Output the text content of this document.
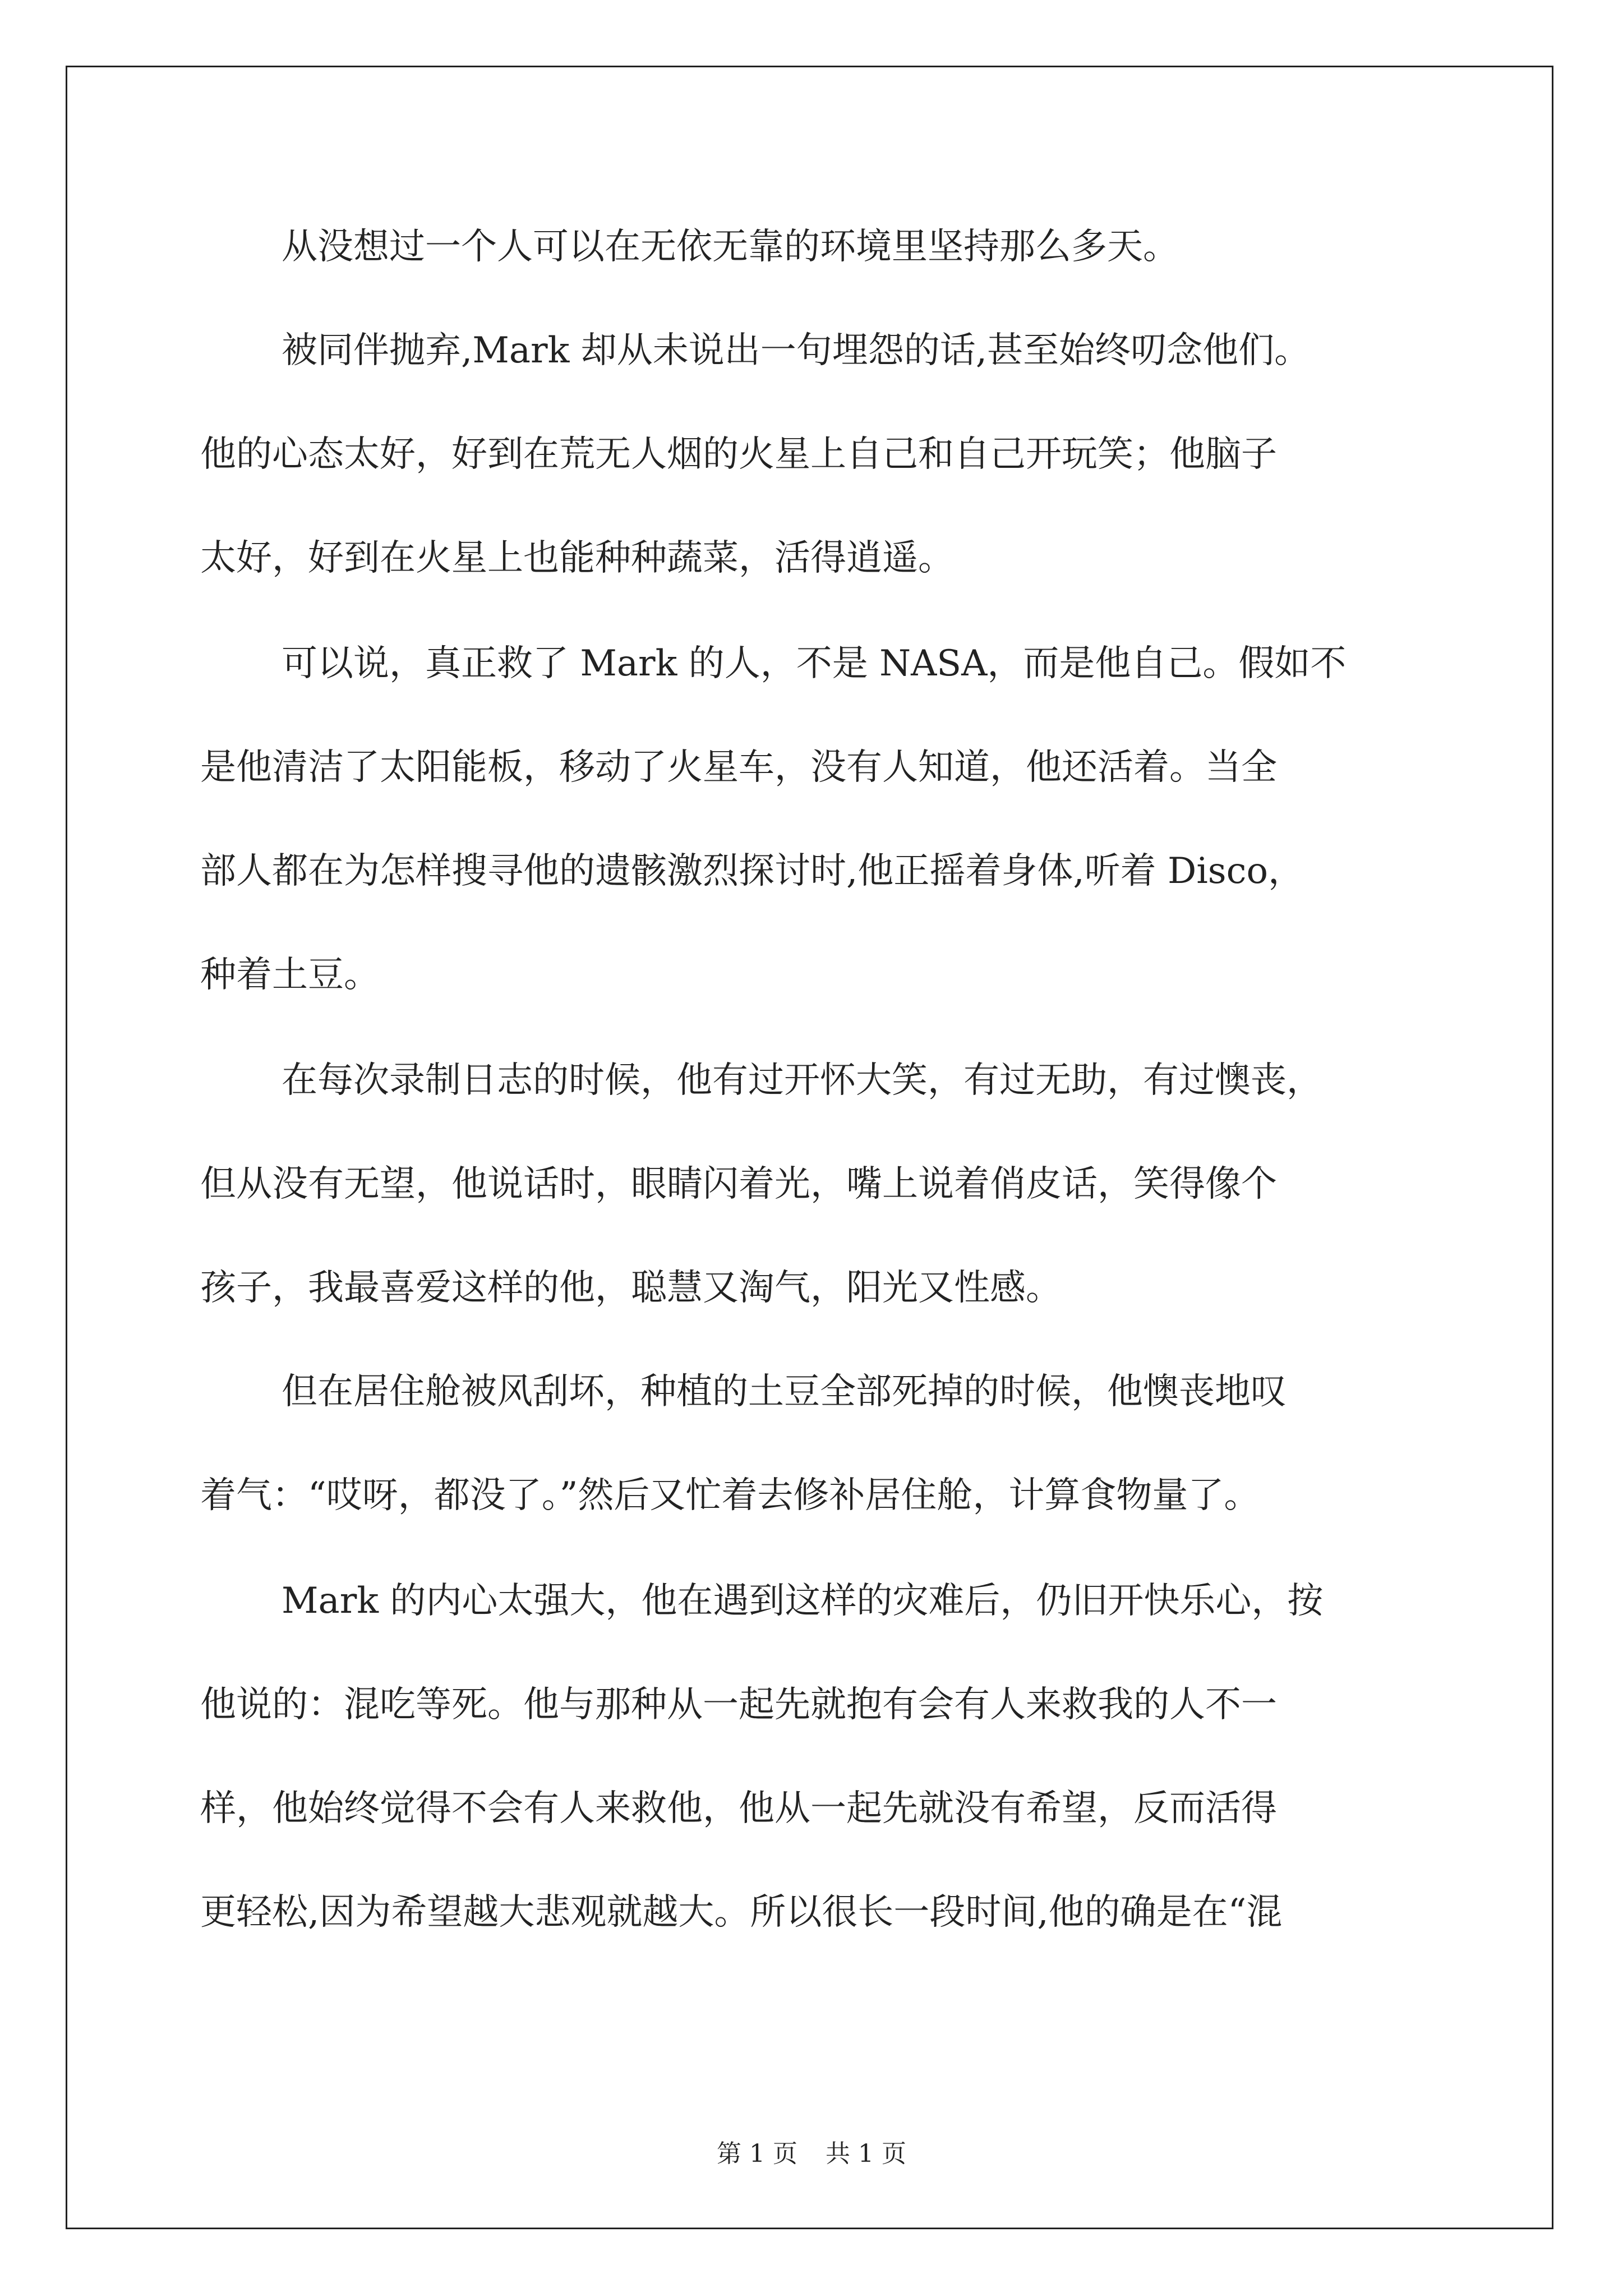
从没想过一个人可以在无依无靠的环境里坚持那么多天。
被同伴抛弃,Mark 却从未说出一句埋怨的话,甚至始终叨念他们。
他的心态太好，好到在荒无人烟的火星上自己和自己开玩笑；他脑子
太好，好到在火星上也能种种蔬菜，活得逍遥。
可以说，真正救了 Mark 的人，不是 NASA，而是他自己。假如不
是他清洁了太阳能板，移动了火星车，没有人知道，他还活着。当全
部人都在为怎样搜寻他的遗骸激烈探讨时,他正摇着身体,听着 Disco，
种着土豆。
在每次录制日志的时候，他有过开怀大笑，有过无助，有过懊丧，
但从没有无望，他说话时，眼睛闪着光，嘴上说着俏皮话，笑得像个
孩子，我最喜爱这样的他，聪慧又淘气，阳光又性感。
但在居住舱被风刮坏，种植的土豆全部死掉的时候，他懊丧地叹
着气：“哎呀，都没了。”然后又忙着去修补居住舱，计算食物量了。
Mark 的内心太强大，他在遇到这样的灾难后，仍旧开快乐心，按
他说的：混吃等死。他与那种从一起先就抱有会有人来救我的人不一
样，他始终觉得不会有人来救他，他从一起先就没有希望，反而活得
更轻松,因为希望越大悲观就越大。所以很长一段时间,他的确是在“混
第 1 页 共 1 页
